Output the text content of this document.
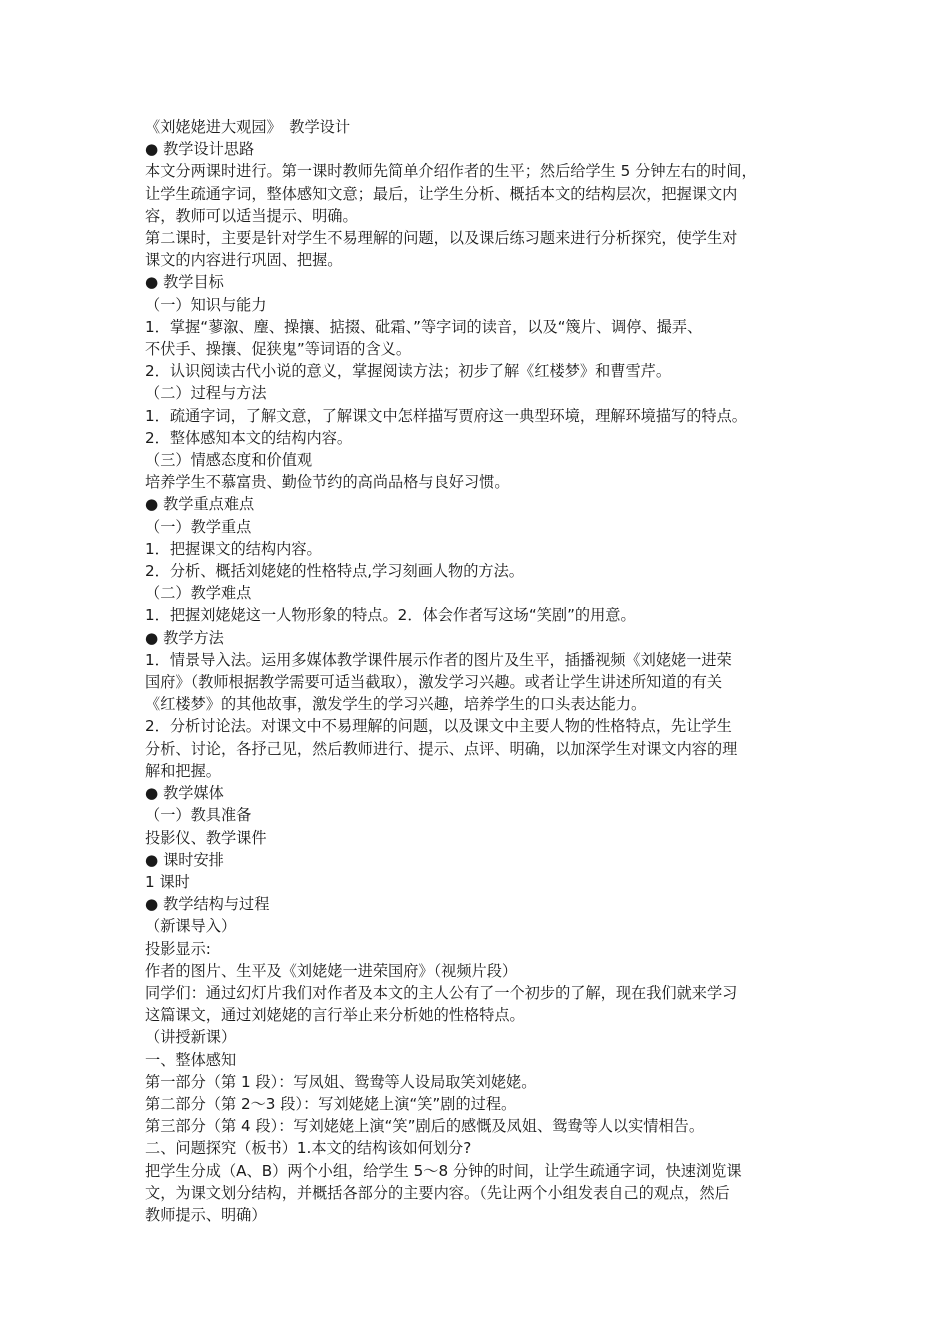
《刘姥姥进大观园》　教学设计

● 教学设计思路

本文分两课时进行。第一课时教师先简单介绍作者的生平；然后给学生 5 分钟左右的时间，

让学生疏通字词，整体感知文意；最后，让学生分析、概括本文的结构层次，把握课文内

容，教师可以适当提示、明确。

第二课时，主要是针对学生不易理解的问题，以及课后练习题来进行分析探究，使学生对

课文的内容进行巩固、把握。

● 教学目标

（一）知识与能力

1．掌握“蓼溆、麈、操攘、掂掇、砒霜、”等字词的读音，以及“篾片、调停、撮弄、

不伏手、操攘、促狭鬼”等词语的含义。

2．认识阅读古代小说的意义，掌握阅读方法；初步了解《红楼梦》和曹雪芹。

（二）过程与方法

1．疏通字词，了解文意，了解课文中怎样描写贾府这一典型环境，理解环境描写的特点。

2．整体感知本文的结构内容。

（三）情感态度和价值观

培养学生不慕富贵、勤俭节约的高尚品格与良好习惯。

● 教学重点难点

（一）教学重点

1．把握课文的结构内容。

2．分析、概括刘姥姥的性格特点,学习刻画人物的方法。

（二）教学难点

1．把握刘姥姥这一人物形象的特点。2．体会作者写这场“笑剧”的用意。

● 教学方法

1．情景导入法。运用多媒体教学课件展示作者的图片及生平，插播视频《刘姥姥一进荣

国府》（教师根据教学需要可适当截取），激发学习兴趣。或者让学生讲述所知道的有关

《红楼梦》的其他故事，激发学生的学习兴趣，培养学生的口头表达能力。

2．分析讨论法。对课文中不易理解的问题，以及课文中主要人物的性格特点，先让学生

分析、讨论，各抒己见，然后教师进行、提示、点评、明确，以加深学生对课文内容的理

解和把握。

● 教学媒体

（一）教具准备

投影仪、教学课件

● 课时安排

1 课时

● 教学结构与过程

（新课导入）

投影显示:

作者的图片、生平及《刘姥姥一进荣国府》（视频片段）

同学们：通过幻灯片我们对作者及本文的主人公有了一个初步的了解，现在我们就来学习

这篇课文，通过刘姥姥的言行举止来分析她的性格特点。

（讲授新课）

一、整体感知

第一部分（第 1 段）：写凤姐、鸳鸯等人设局取笑刘姥姥。

第二部分（第 2～3 段）：写刘姥姥上演“笑”剧的过程。

第三部分（第 4 段）：写刘姥姥上演“笑”剧后的感慨及凤姐、鸳鸯等人以实情相告。

二、问题探究（板书）1.本文的结构该如何划分?

把学生分成（A、B）两个小组，给学生 5～8 分钟的时间，让学生疏通字词，快速浏览课

文，为课文划分结构，并概括各部分的主要内容。（先让两个小组发表自己的观点，然后

教师提示、明确）
